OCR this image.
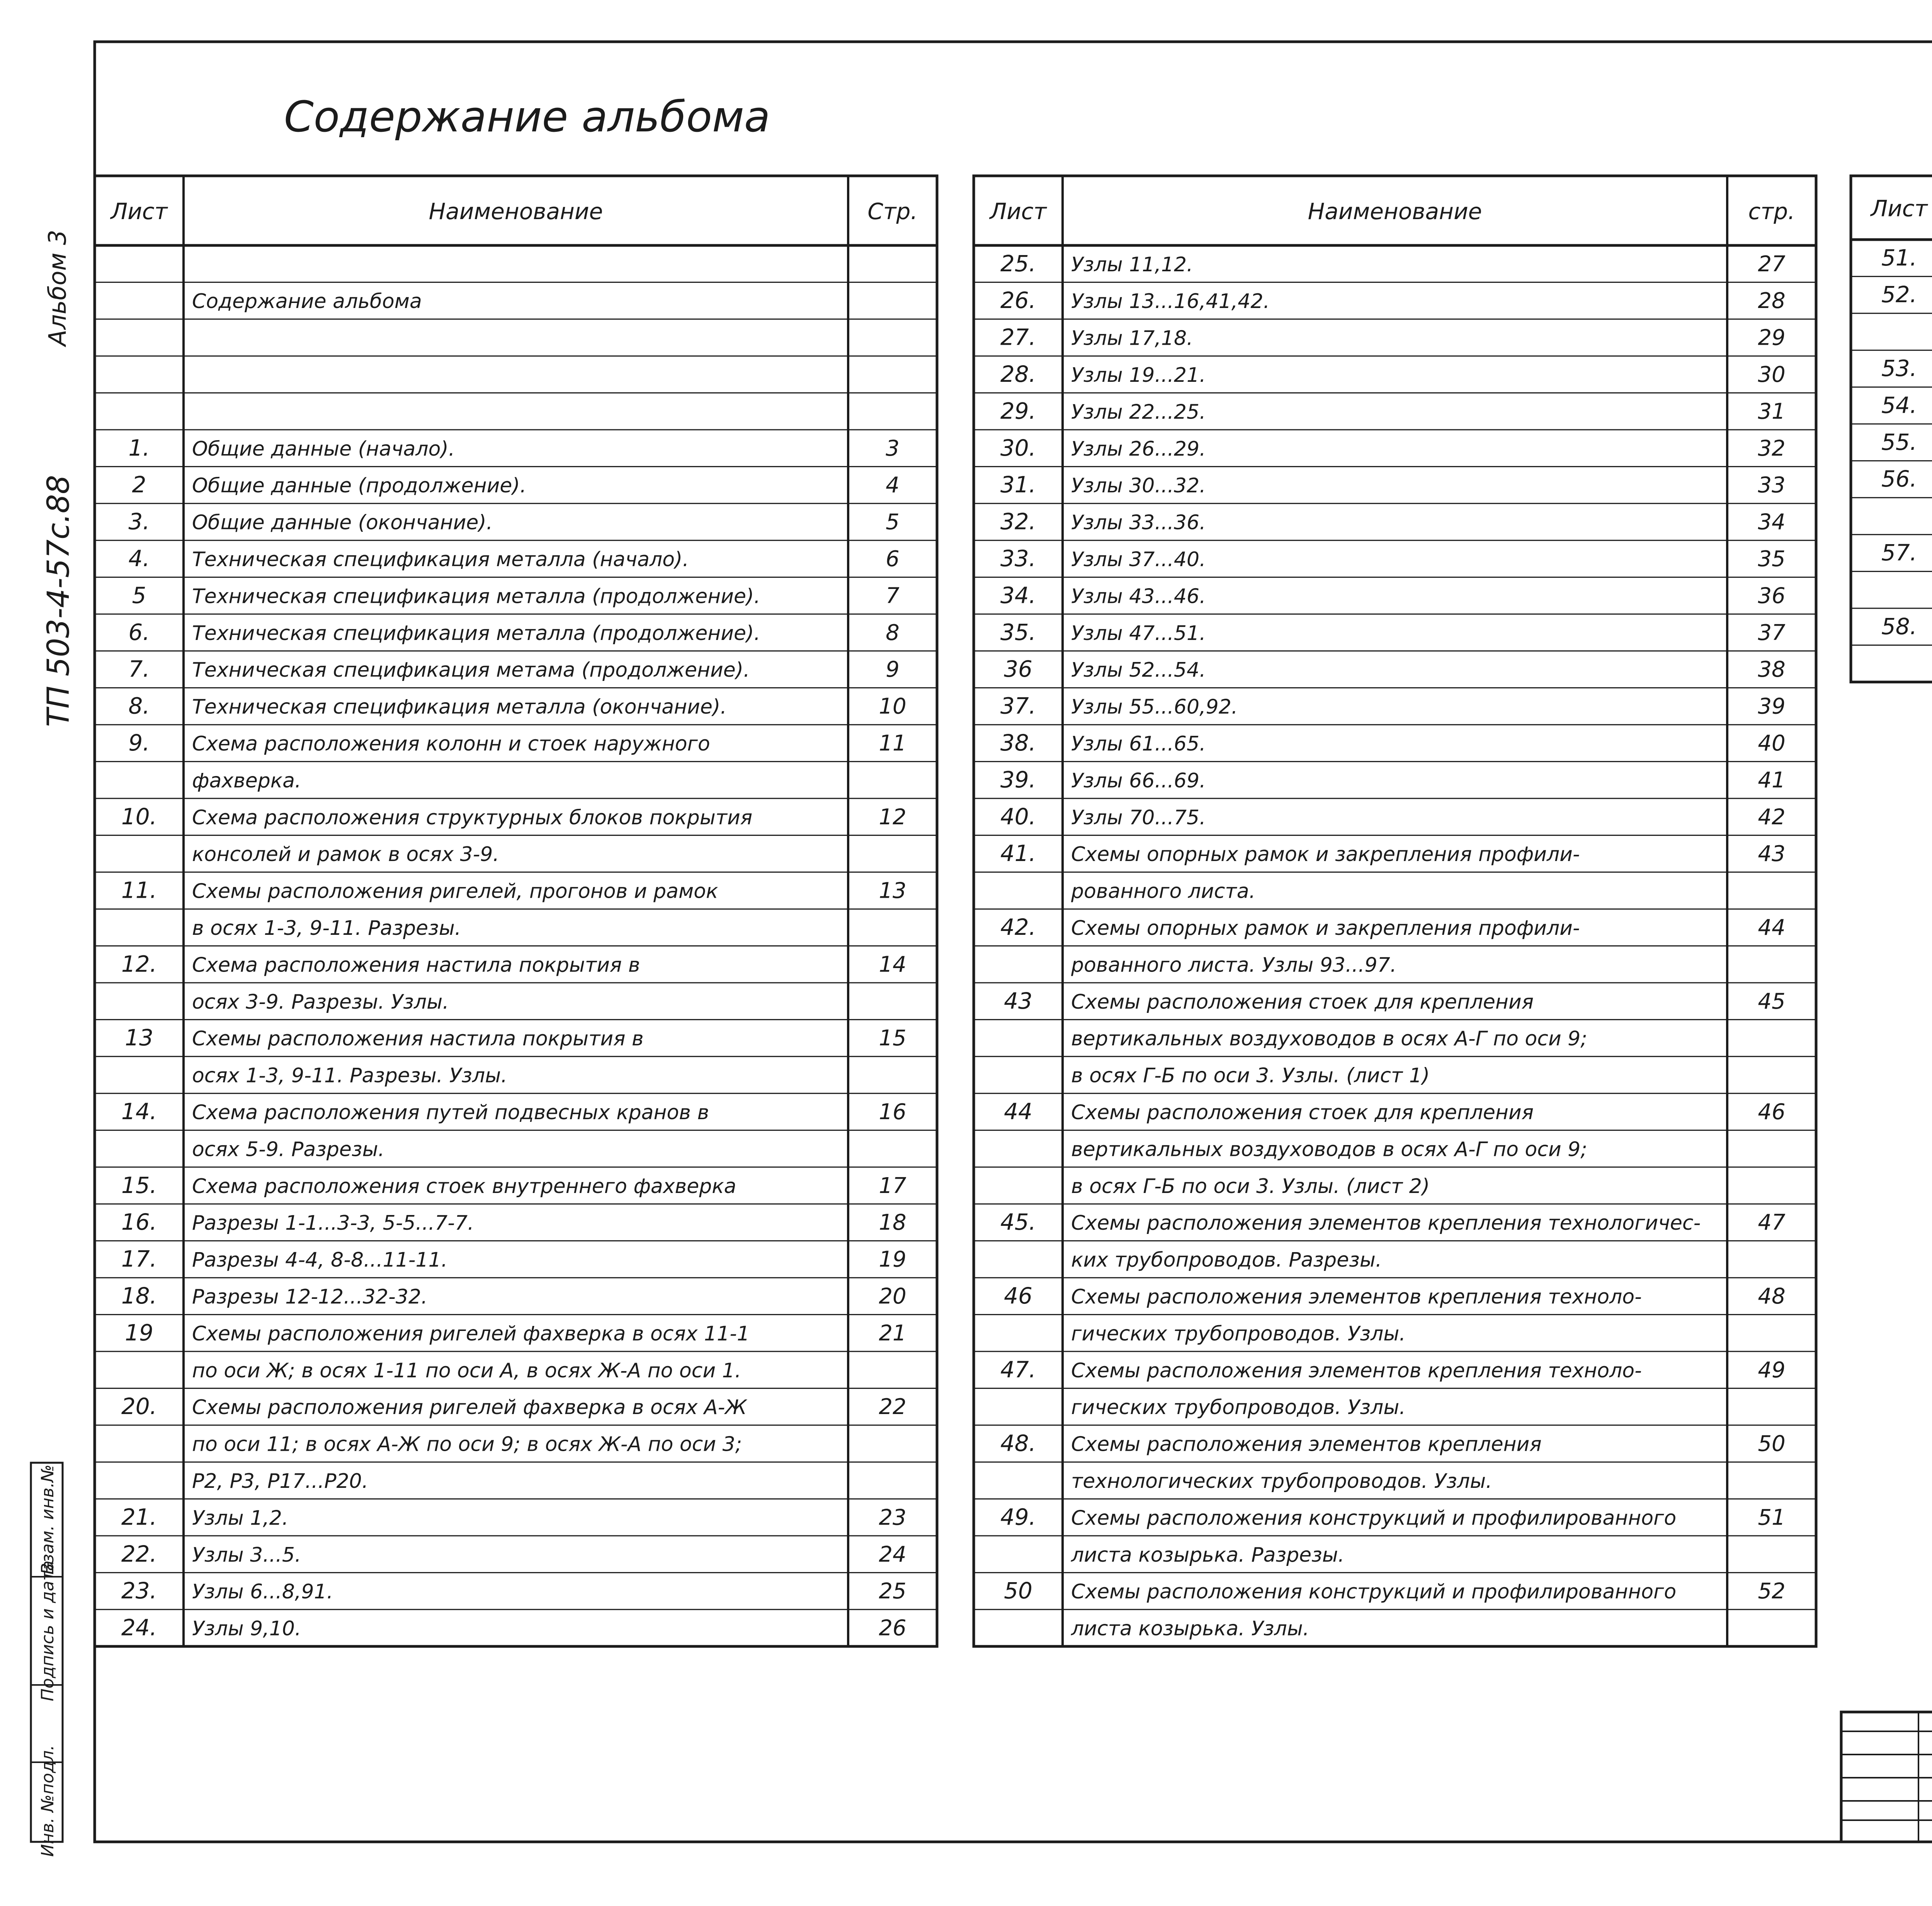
Содержание альбома
Альбом 3
ТП 503-4-57с.88
Инв. №подл.
Подпись и дата
Взам. инв.№
Лист	Наименование	Стр.
Содержание альбома
1. Общие данные (начало).	3
2 Общие данные (продолжение).	4
3. Общие данные (окончание).	5
4. Техническая спецификация металла (начало).	6
5 Техническая спецификация металла (продолжение).	7
6. Техническая спецификация металла (продолжение).	8
7. Техническая спецификация метама (продолжение).	9
8. Техническая спецификация металла (окончание).	10
9. Схема расположения колонн и стоек наружного	11
фахверка.
10. Схема расположения структурных блоков покрытия	12
консолей и рамок в осях 3-9.
11. Схемы расположения ригелей, прогонов и рамок	13
в осях 1-3, 9-11. Разрезы.
12. Схема расположения настила покрытия в	14
осях 3-9. Разрезы. Узлы.
13 Схемы расположения настила покрытия в	15
осях 1-3, 9-11. Разрезы. Узлы.
14. Схема расположения путей подвесных кранов в	16
осях 5-9. Разрезы.
15. Схема расположения стоек внутреннего фахверка	17
16. Разрезы 1-1...3-3, 5-5...7-7.	18
17. Разрезы 4-4, 8-8...11-11.	19
18. Разрезы 12-12...32-32.	20
19 Схемы расположения ригелей фахверка в осях 11-1	21
по оси Ж; в осях 1-11 по оси А, в осях Ж-А по оси 1.
20. Схемы расположения ригелей фахверка в осях А-Ж	22
по оси 11; в осях А-Ж по оси 9; в осях Ж-А по оси 3;
Р2, Р3, Р17...Р20.
21. Узлы 1,2.	23
22. Узлы 3...5.	24
23. Узлы 6...8,91.	25
24. Узлы 9,10.	26
Лист	Наименование	стр.
25. Узлы 11,12.	27
26. Узлы 13...16,41,42.	28
27. Узлы 17,18.	29
28. Узлы 19...21.	30
29. Узлы 22...25.	31
30. Узлы 26...29.	32
31. Узлы 30...32.	33
32. Узлы 33...36.	34
33. Узлы 37...40.	35
34. Узлы 43...46.	36
35. Узлы 47...51.	37
36 Узлы 52...54.	38
37. Узлы 55...60,92.	39
38. Узлы 61...65.	40
39. Узлы 66...69.	41
40. Узлы 70...75.	42
41. Схемы опорных рамок и закрепления профили-	43
рованного листа.
42. Схемы опорных рамок и закрепления профили-	44
рованного листа. Узлы 93...97.
43 Схемы расположения стоек для крепления	45
вертикальных воздуховодов в осях А-Г по оси 9;
в осях Г-Б по оси 3. Узлы. (лист 1)
44 Схемы расположения стоек для крепления	46
вертикальных воздуховодов в осях А-Г по оси 9;
в осях Г-Б по оси 3. Узлы. (лист 2)
45. Схемы расположения элементов крепления технологичес-	47
ких трубопроводов. Разрезы.
46 Схемы расположения элементов крепления техноло-	48
гических трубопроводов. Узлы.
47. Схемы расположения элементов крепления техноло-	49
гических трубопроводов. Узлы.
48. Схемы расположения элементов крепления	50
технологических трубопроводов. Узлы.
49. Схемы расположения конструкций и профилированного	51
листа козырька. Разрезы.
50 Схемы расположения конструкций и профилированного	52
листа козырька. Узлы.
Лист
51.
52.
53.
54.
55.
56.
57.
58.
